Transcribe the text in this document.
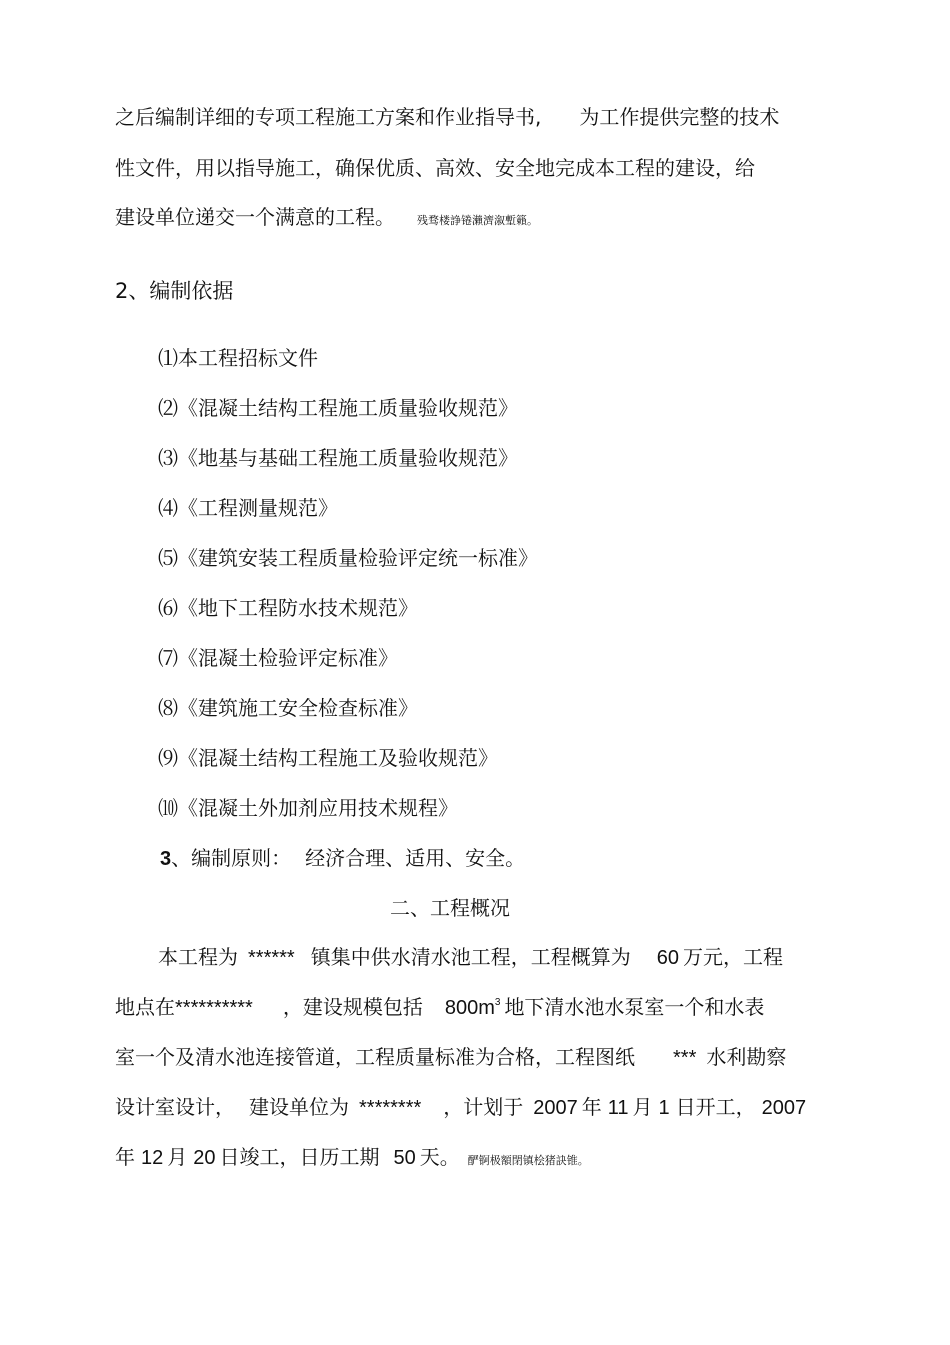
之后编制详细的专项工程施工方案和作业指导书, 为工作提供完整的技术
性文件，用以指导施工，确保优质、高效、安全地完成本工程的建设，给
建设单位递交一个满意的工程。 残骛楼諍锩瀨濟溆塹籟。
2、编制依据
⑴本工程招标文件
⑵《混凝土结构工程施工质量验收规范》
⑶《地基与基础工程施工质量验收规范》
⑷《工程测量规范》
⑸《建筑安装工程质量检验评定统一标准》
⑹《地下工程防水技术规范》
⑺《混凝土检验评定标准》
⑻《建筑施工安全检查标准》
⑼《混凝土结构工程施工及验收规范》
⑽《混凝土外加剂应用技术规程》
3、编制原则： 经济合理、适用、安全。
二、工程概况
本工程为 ****** 镇集中供水清水池工程，工程概算为 60 万元，工程
地点在********** ，建设规模包括 $800m^3$ 地下清水池水泵室一个和水表
室一个及清水池连接管道，工程质量标准为合格，工程图纸 *** 水利勘察
设计室设计， 建设单位为 ******** ，计划于 2007 年 11 月 1 日开工， 2007
年 12 月 20 日竣工，日历工期 50 天。 酽锕极額閉镇桧猪訣锥。
